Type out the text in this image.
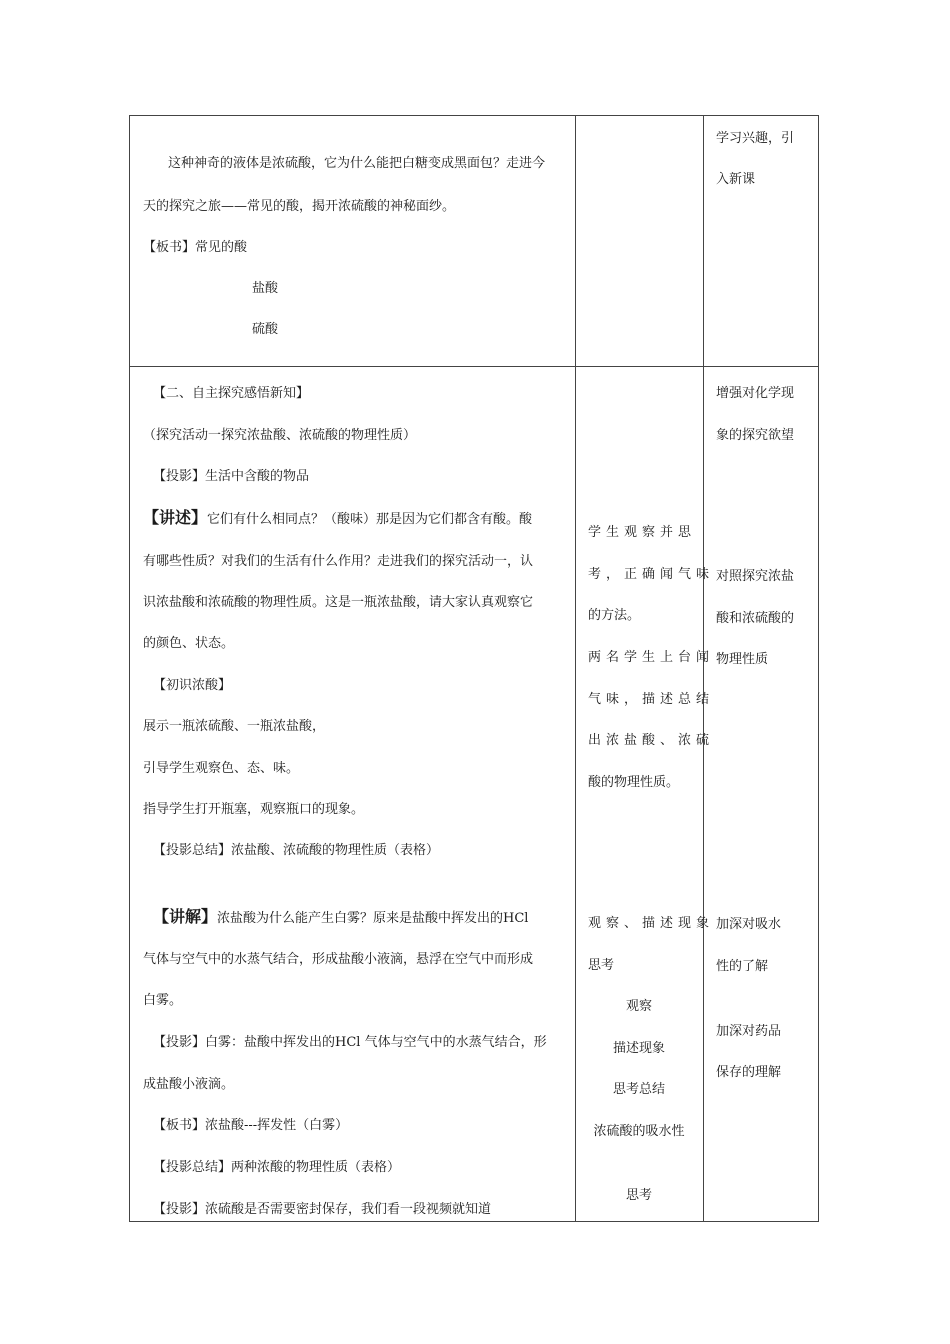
这种神奇的液体是浓硫酸，它为什么能把白糖变成黑面包？走进今
天的探究之旅——常见的酸，揭开浓硫酸的神秘面纱。
【板书】常见的酸
盐酸
硫酸
学习兴趣，引
入新课
【二、自主探究感悟新知】
（探究活动一探究浓盐酸、浓硫酸的物理性质）
【投影】生活中含酸的物品
【讲述】它们有什么相同点？（酸味）那是因为它们都含有酸。酸
有哪些性质？对我们的生活有什么作用？走进我们的探究活动一，认
识浓盐酸和浓硫酸的物理性质。这是一瓶浓盐酸，请大家认真观察它
的颜色、状态。
【初识浓酸】
展示一瓶浓硫酸、一瓶浓盐酸，
引导学生观察色、态、味。
指导学生打开瓶塞，观察瓶口的现象。
【投影总结】浓盐酸、浓硫酸的物理性质（表格）
【讲解】浓盐酸为什么能产生白雾？原来是盐酸中挥发出的HCl
气体与空气中的水蒸气结合，形成盐酸小液滴，悬浮在空气中而形成
白雾。
【投影】白雾：盐酸中挥发出的HCl 气体与空气中的水蒸气结合，形
成盐酸小液滴。
【板书】浓盐酸---挥发性（白雾）
【投影总结】两种浓酸的物理性质（表格）
【投影】浓硫酸是否需要密封保存，我们看一段视频就知道
学生观察并思
考，正确闻气味
的方法。
两名学生上台闻
气味，描述总结
出浓盐酸、浓硫
酸的物理性质。
观察、描述现象
思考
观察
描述现象
思考总结
浓硫酸的吸水性
思考
增强对化学现
象的探究欲望
对照探究浓盐
酸和浓硫酸的
物理性质
加深对吸水
性的了解
加深对药品
保存的理解
